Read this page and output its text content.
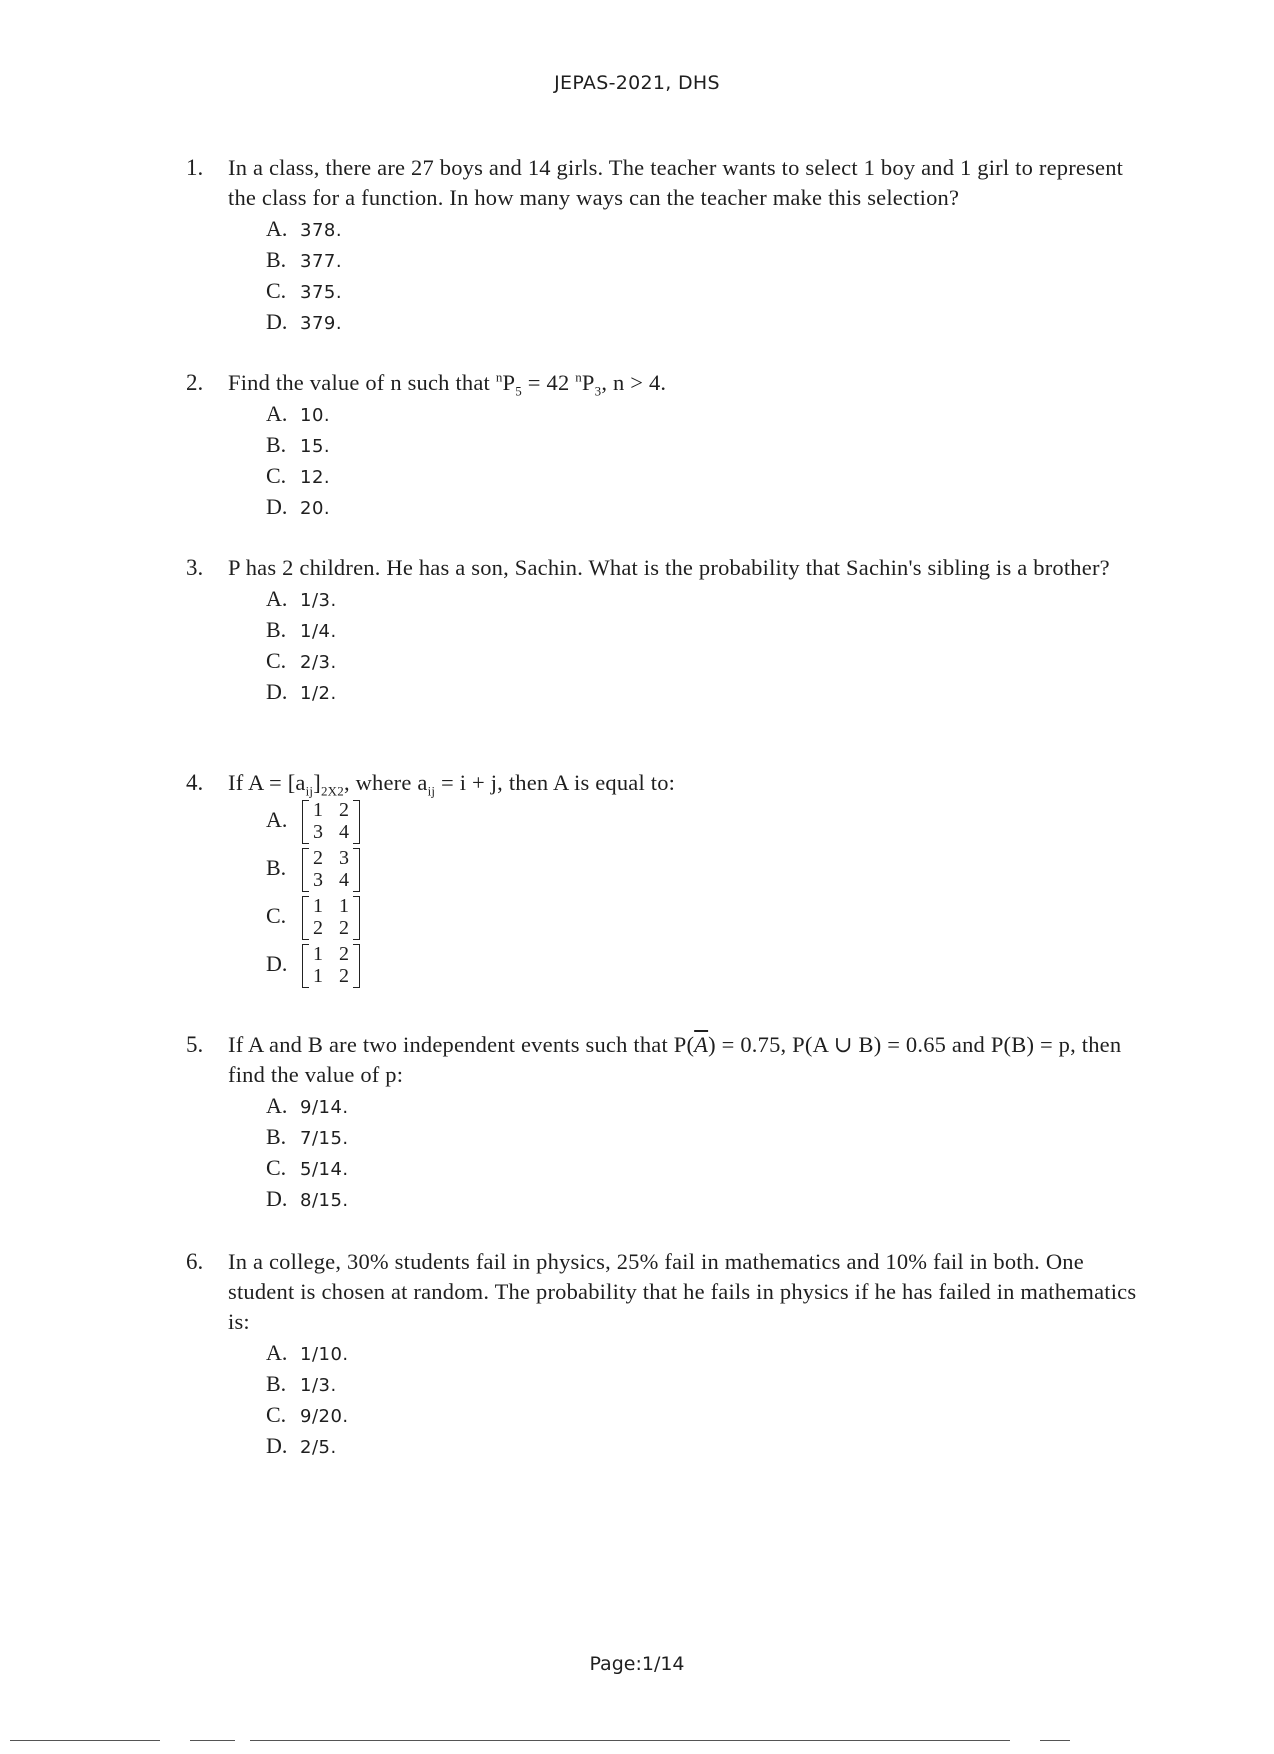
JEPAS-2021, DHS
1.	In a class, there are 27 boys and 14 girls. The teacher wants to select 1 boy and 1 girl to represent the class for a function. In how many ways can the teacher make this selection?
A. 378.
B. 377.
C. 375.
D. 379.
2.	Find the value of n such that $^nP_5 = 42$ $^nP_3$, n > 4.
A. 10.
B. 15.
C. 12.
D. 20.
3.	P has 2 children. He has a son, Sachin. What is the probability that Sachin's sibling is a brother?
A. 1/3.
B. 1/4.
C. 2/3.
D. 1/2.
4.	If $A = [a_{ij}]_{2X2}$, where $a_{ij} = i + j$, then A is equal to:
A.	1 2
3 4
B.	2 3
3 4
C.	1 1
2 2
D.	1 2
1 2
5.	If A and B are two independent events such that $P(\overline{A}) = 0.75$, P(A ∪ B) = 0.65 and P(B) = p, then find the value of p:
A. 9/14.
B. 7/15.
C. 5/14.
D. 8/15.
6.	In a college, 30% students fail in physics, 25% fail in mathematics and 10% fail in both. One student is chosen at random. The probability that he fails in physics if he has failed in mathematics is:
A. 1/10.
B. 1/3.
C. 9/20.
D. 2/5.
Page:1/14
